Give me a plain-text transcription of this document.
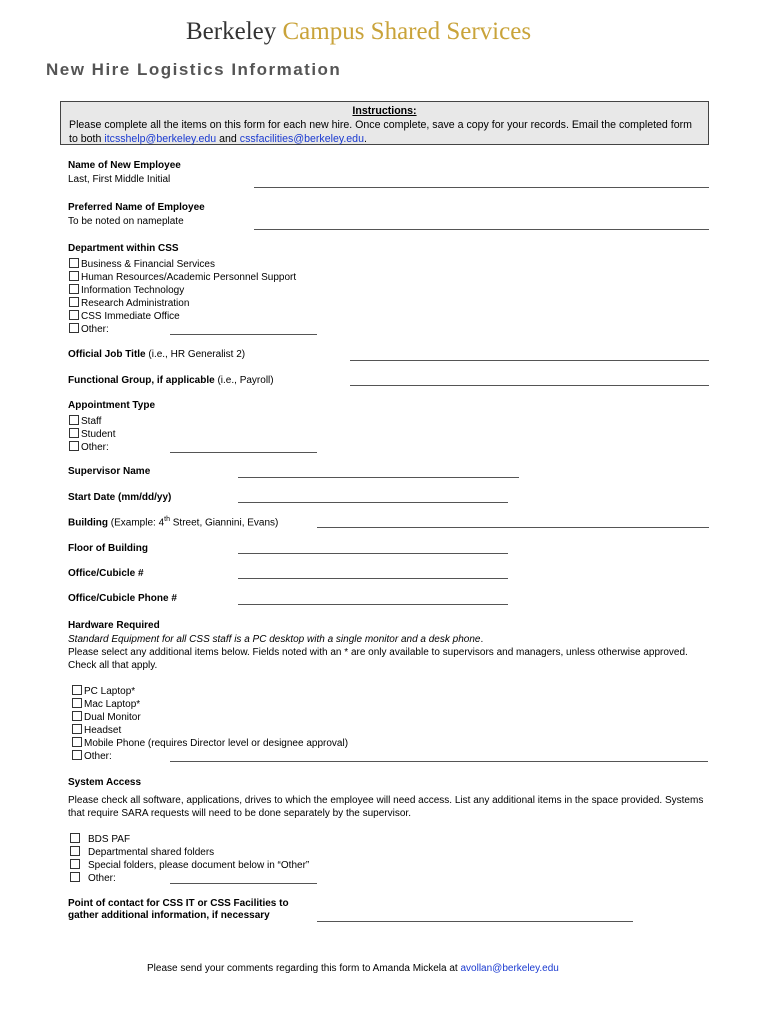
Berkeley Campus Shared Services
New Hire Logistics Information
Instructions:
Please complete all the items on this form for each new hire. Once complete, save a copy for your records. Email the completed form to both itcsshelp@berkeley.edu and cssfacilities@berkeley.edu.
Name of New Employee
Last, First Middle Initial
Preferred Name of Employee
To be noted on nameplate
Department within CSS
Business & Financial Services
Human Resources/Academic Personnel Support
Information Technology
Research Administration
CSS Immediate Office
Other:
Official Job Title (i.e., HR Generalist 2)
Functional Group, if applicable (i.e., Payroll)
Appointment Type
Staff
Student
Other:
Supervisor Name
Start Date (mm/dd/yy)
Building (Example: 4th Street, Giannini, Evans)
Floor of Building
Office/Cubicle #
Office/Cubicle Phone #
Hardware Required
Standard Equipment for all CSS staff is a PC desktop with a single monitor and a desk phone.
Please select any additional items below. Fields noted with an * are only available to supervisors and managers, unless otherwise approved. Check all that apply.
PC Laptop*
Mac Laptop*
Dual Monitor
Headset
Mobile Phone (requires Director level or designee approval)
Other:
System Access
Please check all software, applications, drives to which the employee will need access. List any additional items in the space provided. Systems that require SARA requests will need to be done separately by the supervisor.
BDS PAF
Departmental shared folders
Special folders, please document below in “Other”
Other:
Point of contact for CSS IT or CSS Facilities to
gather additional information, if necessary
Please send your comments regarding this form to Amanda Mickela at avollan@berkeley.edu
